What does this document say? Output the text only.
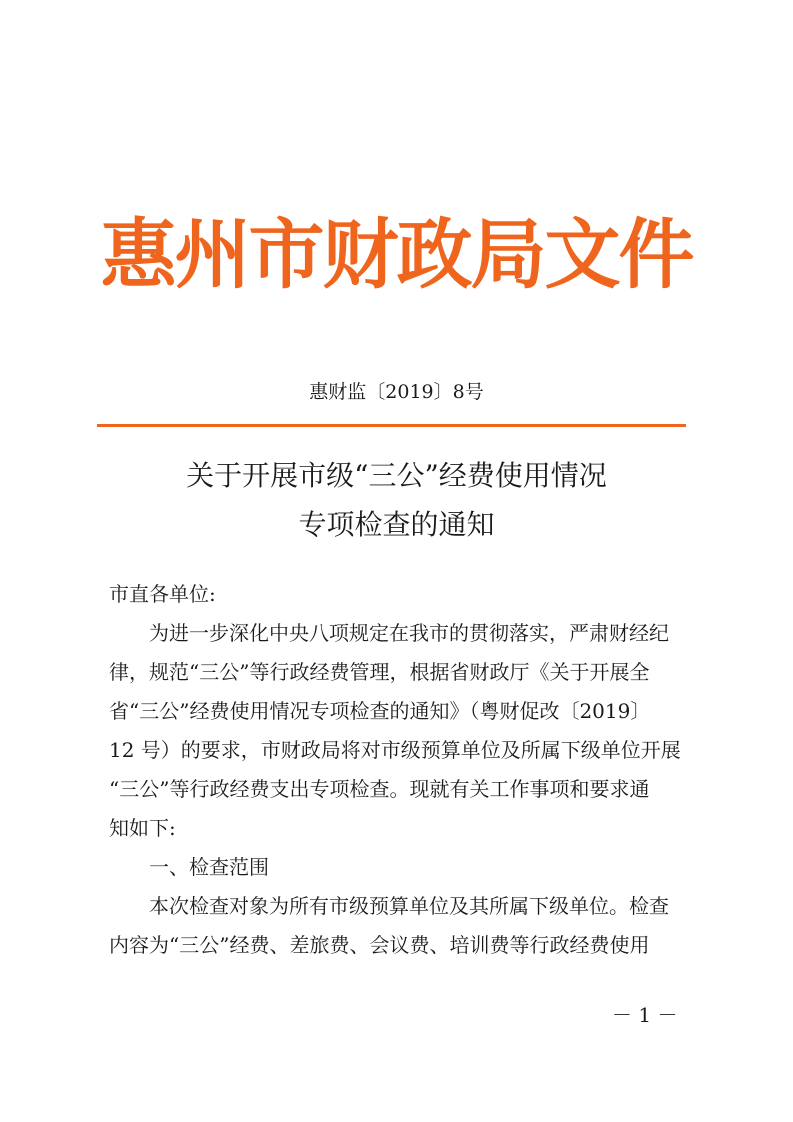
惠州市财政局文件
惠财监〔2019〕8号
关于开展市级“三公”经费使用情况
专项检查的通知
市直各单位:
为进一步深化中央八项规定在我市的贯彻落实，严肃财经纪
律，规范“三公”等行政经费管理，根据省财政厅《关于开展全
省“三公”经费使用情况专项检查的通知》（粤财促改〔2019〕
12 号）的要求，市财政局将对市级预算单位及所属下级单位开展
“三公”等行政经费支出专项检查。现就有关工作事项和要求通
知如下:
一、检查范围
本次检查对象为所有市级预算单位及其所属下级单位。检查
内容为“三公”经费、差旅费、会议费、培训费等行政经费使用
－ 1 －
